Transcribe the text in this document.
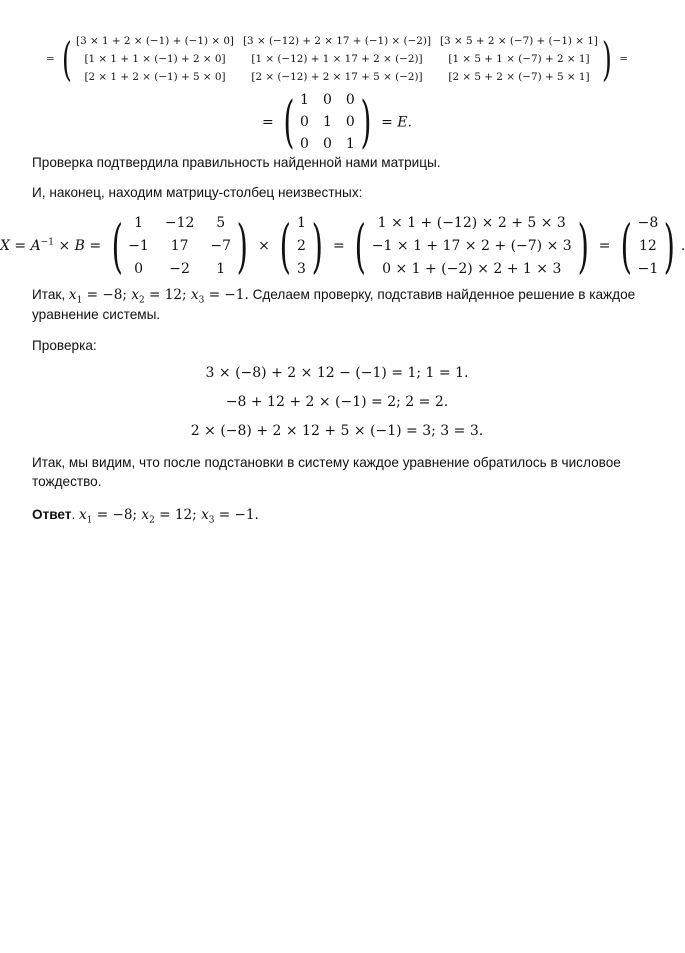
= ( [3 × 1 + 2 × (−1) + (−1) × 0] [3 × (−12) + 2 × 17 + (−1) × (−2)] [3 × 5 + 2 × (−7) + (−1) × 1]
[1 × 1 + 1 × (−1) + 2 × 0] [1 × (−12) + 1 × 17 + 2 × (−2)] [1 × 5 + 1 × (−7) + 2 × 1]
[2 × 1 + 2 × (−1) + 5 × 0] [2 × (−12) + 2 × 17 + 5 × (−2)] [2 × 5 + 2 × (−7) + 5 × 1] ) =
= ( 1 0 0
0 1 0
0 0 1 ) = E.
Проверка подтвердила правильность найденной нами матрицы.
И, наконец, находим матрицу-столбец неизвестных:
$X = A^{-1} \times B$ = ( 1 −12 5
−1 17 −7
0 −2 1 ) × ( 1
2
3 ) = ( 1 × 1 + (−12) × 2 + 5 × 3
−1 × 1 + 17 × 2 + (−7) × 3
0 × 1 + (−2) × 2 + 1 × 3 ) = ( −8
12
−1 ) .
Итак, $x_1 = -8$; $x_2 = 12$; $x_3 = -1$. Сделаем проверку, подставив найденное решение в каждое уравнение системы.
Проверка:
3 × (−8) + 2 × 12 − (−1) = 1; 1 = 1.
−8 + 12 + 2 × (−1) = 2; 2 = 2.
2 × (−8) + 2 × 12 + 5 × (−1) = 3; 3 = 3.
Итак, мы видим, что после подстановки в систему каждое уравнение обратилось в числовое тождество.
Ответ. $x_1 = -8$; $x_2 = 12$; $x_3 = -1$.
